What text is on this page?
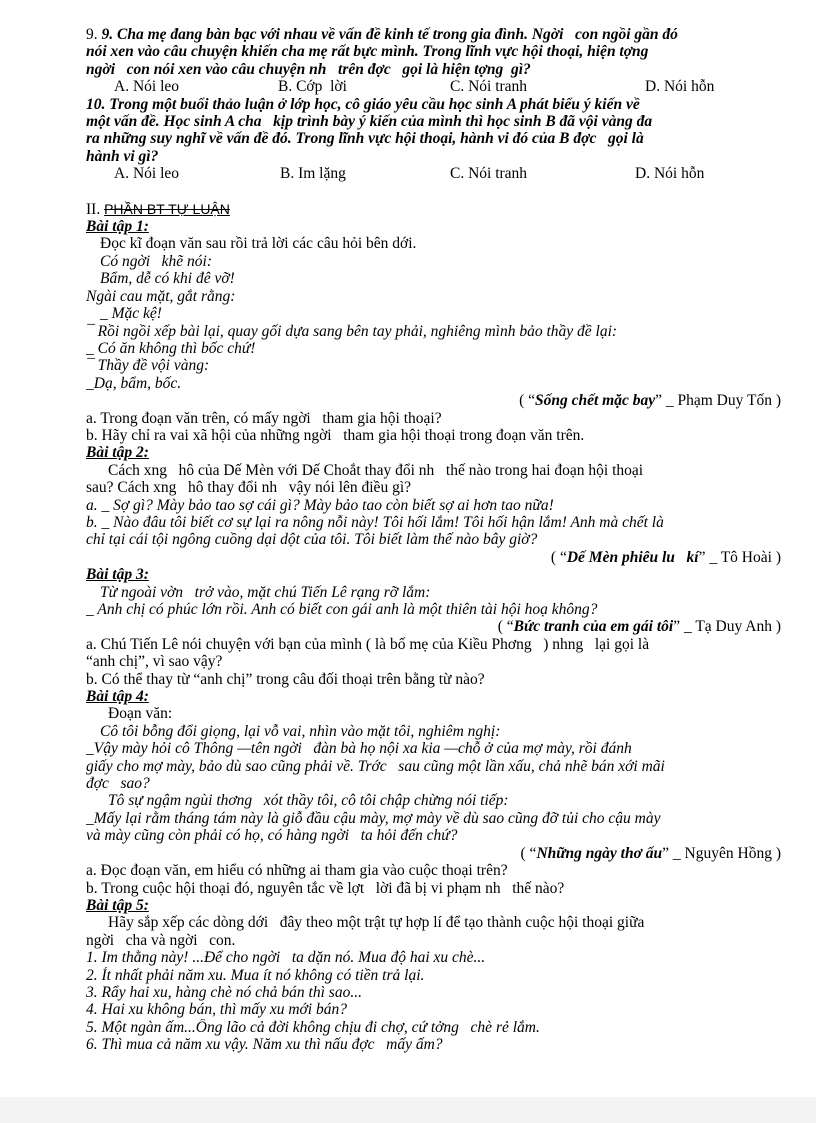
9. 9. Cha mẹ đang bàn bạc với nhau về vấn đề kinh tế trong gia đình. Ngời   con ngồi gần đó
nói xen vào câu chuyện khiến cha mẹ rất bực mình. Trong lĩnh vực hội thoại, hiện tợng
ngời   con nói xen vào câu chuyện nh   trên đợc   gọi là hiện tợng  gì?
A. Nói leo	B. Cớp  lời	C. Nói tranh	D. Nói hỗn
10. Trong một buổi thảo luận ở lớp học, cô giáo yêu cầu học sinh A phát biểu ý kiến về
một vấn đề. Học sinh A cha   kịp trình bày ý kiến của mình thì học sinh B đã vội vàng đa
ra những suy nghĩ về vấn đề đó. Trong lĩnh vực hội thoại, hành vi đó của B đợc   gọi là
hành vi gì?
A. Nói leo	B. Im lặng	C. Nói tranh	D. Nói hỗn
II. PHẦN BT TỰ LUẬN
Bài tập 1:
Đọc kĩ đoạn văn sau rồi trả lời các câu hỏi bên dới.
Có ngời   khẽ nói:
Bẩm, dễ có khi đê vỡ!
Ngài cau mặt, gắt rằng:
_ Mặc kệ!
¯ Rồi ngồi xếp bài lại, quay gối dựa sang bên tay phải, nghiêng mình bảo thầy đề lại:
_ Có ăn không thì bốc chứ!
¯ Thầy đề vội vàng:
_Dạ, bẩm, bốc.
( “Sống chết mặc bay” _ Phạm Duy Tốn )
a. Trong đoạn văn trên, có mấy ngời   tham gia hội thoại?
b. Hãy chỉ ra vai xã hội của những ngời   tham gia hội thoại trong đoạn văn trên.
Bài tập 2:
Cách xng   hô của Dế Mèn với Dế Choắt thay đổi nh   thế nào trong hai đoạn hội thoại
sau? Cách xng   hô thay đổi nh   vậy nói lên điều gì?
a. _ Sợ gì? Mày bảo tao sợ cái gì? Mày bảo tao còn biết sợ ai hơn tao nữa!
b. _ Nào đâu tôi biết cơ sự lại ra nông nỗi này! Tôi hối lắm! Tôi hối hận lắm! Anh mà chết là
chỉ tại cái tội ngông cuồng dại dột của tôi. Tôi biết làm thế nào bây giờ?
( “Dế Mèn phiêu lu   kí” _ Tô Hoài )
Bài tập 3:
Từ ngoài vờn   trở vào, mặt chú Tiến Lê rạng rỡ lắm:
_ Anh chị có phúc lớn rồi. Anh có biết con gái anh là một thiên tài hội hoạ không?
( “Bức tranh của em gái tôi” _ Tạ Duy Anh )
a. Chú Tiến Lê nói chuyện với bạn của mình ( là bố mẹ của Kiều Phơng   ) nhng   lại gọi là
“anh chị”, vì sao vậy?
b. Có thể thay từ “anh chị” trong câu đối thoại trên bằng từ nào?
Bài tập 4:
Đoạn văn:
Cô tôi bỗng đổi giọng, lại vỗ vai, nhìn vào mặt tôi, nghiêm nghị:
_Vậy mày hỏi cô Thông —tên ngời   đàn bà họ nội xa kia —chỗ ở của mợ mày, rồi đánh
giấy cho mợ mày, bảo dù sao cũng phải về. Trớc   sau cũng một lần xấu, chả nhẽ bán xới mãi
đợc   sao?
Tô sự ngậm ngùi thơng   xót thầy tôi, cô tôi chập chừng nói tiếp:
_Mấy lại rằm tháng tám này là giỗ đầu cậu mày, mợ mày về dù sao cũng đỡ tủi cho cậu mày
và mày cũng còn phải có họ, có hàng ngời   ta hỏi đến chứ?
( “Những ngày thơ ấu” _ Nguyên Hồng )
a. Đọc đoạn văn, em hiểu có những ai tham gia vào cuộc thoại trên?
b. Trong cuộc hội thoại đó, nguyên tắc về lợt   lời đã bị vi phạm nh   thế nào?
Bài tập 5:
Hãy sắp xếp các dòng dới   đây theo một trật tự hợp lí để tạo thành cuộc hội thoại giữa
ngời   cha và ngời   con.
1. Im thằng này! ...Để cho ngời   ta dặn nó. Mua độ hai xu chè...
2. Ít nhất phải năm xu. Mua ít nó không có tiền trả lại.
3. Rẩy hai xu, hàng chè nó chả bán thì sao...
4. Hai xu không bán, thì mấy xu mới bán?
5. Một ngàn ấm...Ông lão cả đời không chịu đi chợ, cứ tởng   chè rẻ lắm.
6. Thì mua cả năm xu vậy. Năm xu thì nấu đợc   mấy ấm?
